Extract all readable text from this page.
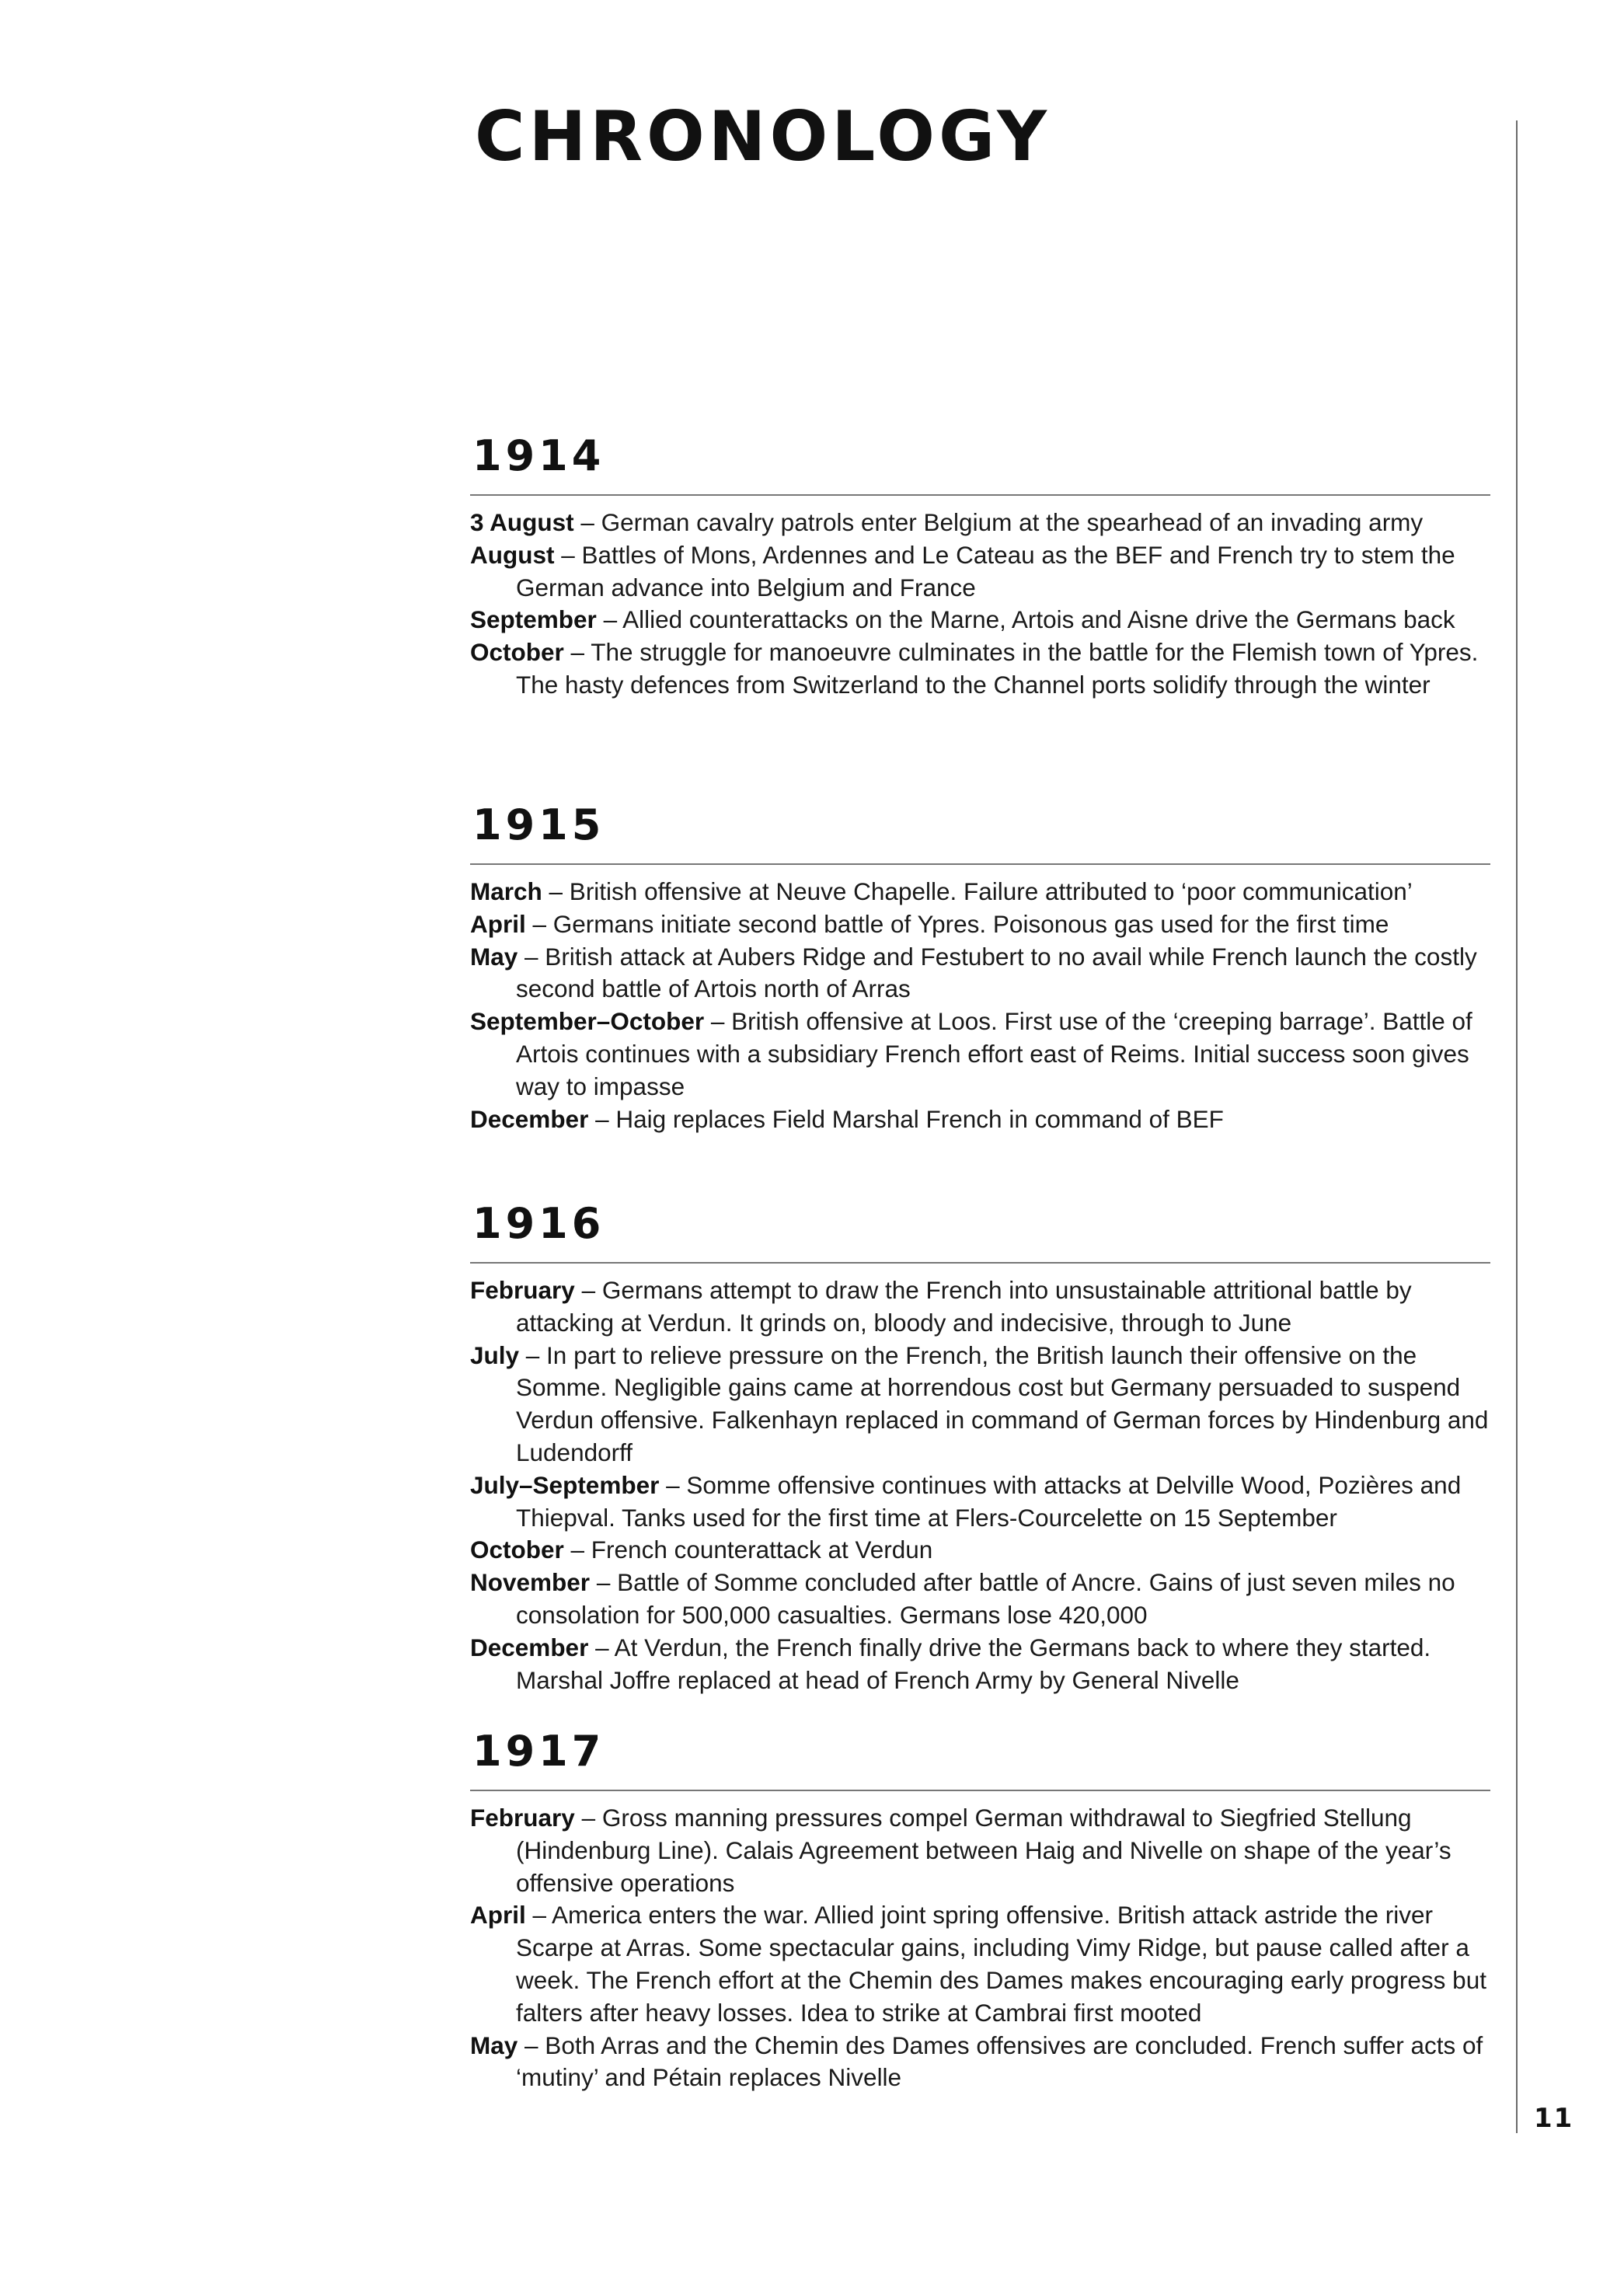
CHRONOLOGY
1914
3 August – German cavalry patrols enter Belgium at the spearhead of an invading army
August – Battles of Mons, Ardennes and Le Cateau as the BEF and French try to stem the German advance into Belgium and France
September – Allied counterattacks on the Marne, Artois and Aisne drive the Germans back
October – The struggle for manoeuvre culminates in the battle for the Flemish town of Ypres. The hasty defences from Switzerland to the Channel ports solidify through the winter
1915
March – British offensive at Neuve Chapelle. Failure attributed to ‘poor communication’
April – Germans initiate second battle of Ypres. Poisonous gas used for the first time
May – British attack at Aubers Ridge and Festubert to no avail while French launch the costly second battle of Artois north of Arras
September–October – British offensive at Loos. First use of the ‘creeping barrage’. Battle of Artois continues with a subsidiary French effort east of Reims. Initial success soon gives way to impasse
December – Haig replaces Field Marshal French in command of BEF
1916
February – Germans attempt to draw the French into unsustainable attritional battle by attacking at Verdun. It grinds on, bloody and indecisive, through to June
July – In part to relieve pressure on the French, the British launch their offensive on the Somme. Negligible gains came at horrendous cost but Germany persuaded to suspend Verdun offensive. Falkenhayn replaced in command of German forces by Hindenburg and Ludendorff
July–September – Somme offensive continues with attacks at Delville Wood, Pozières and Thiepval. Tanks used for the first time at Flers-Courcelette on 15 September
October – French counterattack at Verdun
November – Battle of Somme concluded after battle of Ancre. Gains of just seven miles no consolation for 500,000 casualties. Germans lose 420,000
December – At Verdun, the French finally drive the Germans back to where they started. Marshal Joffre replaced at head of French Army by General Nivelle
1917
February – Gross manning pressures compel German withdrawal to Siegfried Stellung (Hindenburg Line). Calais Agreement between Haig and Nivelle on shape of the year’s offensive operations
April – America enters the war. Allied joint spring offensive. British attack astride the river Scarpe at Arras. Some spectacular gains, including Vimy Ridge, but pause called after a week. The French effort at the Chemin des Dames makes encouraging early progress but falters after heavy losses. Idea to strike at Cambrai first mooted
May – Both Arras and the Chemin des Dames offensives are concluded. French suffer acts of ‘mutiny’ and Pétain replaces Nivelle
11
